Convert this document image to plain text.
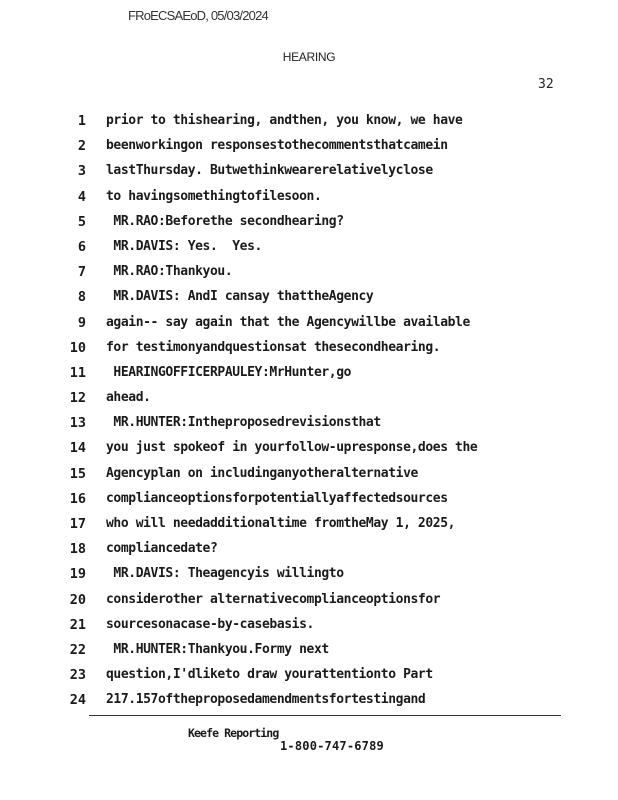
FRoECSAEoD, 05/03/2024
HEARING
32
1 prior to thishearing, andthen, you know, we have
2 beenworkingon responsestothecommentsthatcamein
3 lastThursday. Butwethinkwearerelativelyclose
4 to havingsomethingtofilesoon.
5 MR.RAO:Beforethe secondhearing?
6 MR.DAVIS: Yes.  Yes.
7 MR.RAO:Thankyou.
8 MR.DAVIS: AndI cansay thattheAgency
9 again-- say again that the Agencywillbe available
10 for testimonyandquestionsat thesecondhearing.
11 HEARINGOFFICERPAULEY:MrHunter,go
12 ahead.
13 MR.HUNTER:Intheproposedrevisionsthat
14 you just spokeof in yourfollow-upresponse,does the
15 Agencyplan on includinganyotheralternative
16 complianceoptionsforpotentiallyaffectedsources
17 who will needadditionaltime fromtheMay 1, 2025,
18 compliancedate?
19 MR.DAVIS: Theagencyis willingto
20 considerother alternativecomplianceoptionsfor
21 sourcesonacase-by-casebasis.
22 MR.HUNTER:Thankyou.Formy next
23 question,I'dliketo draw yourattentionto Part
24 217.157oftheproposedamendmentsfortestingand
Keefe Reporting
1-800-747-6789
